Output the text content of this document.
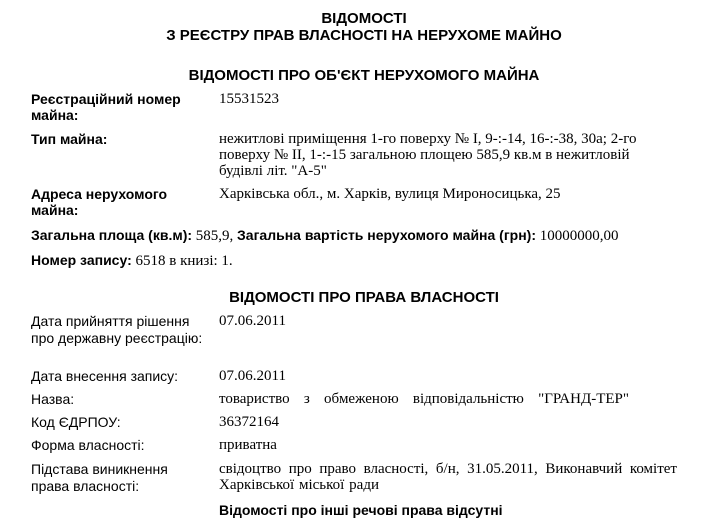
ВІДОМОСТІ
З РЕЄСТРУ ПРАВ ВЛАСНОСТІ НА НЕРУХОМЕ МАЙНО
ВІДОМОСТІ ПРО ОБ'ЄКТ НЕРУХОМОГО МАЙНА
Реєстраційний номер майна:
15531523
Тип майна:	нежитлові приміщення 1-го поверху № I, 9-:-14, 16-:-38, 30а; 2-го поверху № II, 1-:-15 загальною площею 585,9 кв.м в нежитловій будівлі літ. "А-5"
Адреса нерухомого майна:
Харківська обл., м. Харків, вулиця Мироносицька, 25
Загальна площа (кв.м): 585,9, Загальна вартість нерухомого майна (грн): 10000000,00
Номер запису: 6518 в книзі: 1.
ВІДОМОСТІ ПРО ПРАВА ВЛАСНОСТІ
Дата прийняття рішення про державну реєстрацію:
07.06.2011
Дата внесення запису:	07.06.2011
Назва:	товариство з обмеженою відповідальністю "ГРАНД-ТЕР"
Код ЄДРПОУ:	36372164
Форма власності:	приватна
Підстава виникнення права власності:
свідоцтво про право власності, б/н, 31.05.2011, Виконавчий комітет
Харківської міської ради
Відомості про інші речові права відсутні
